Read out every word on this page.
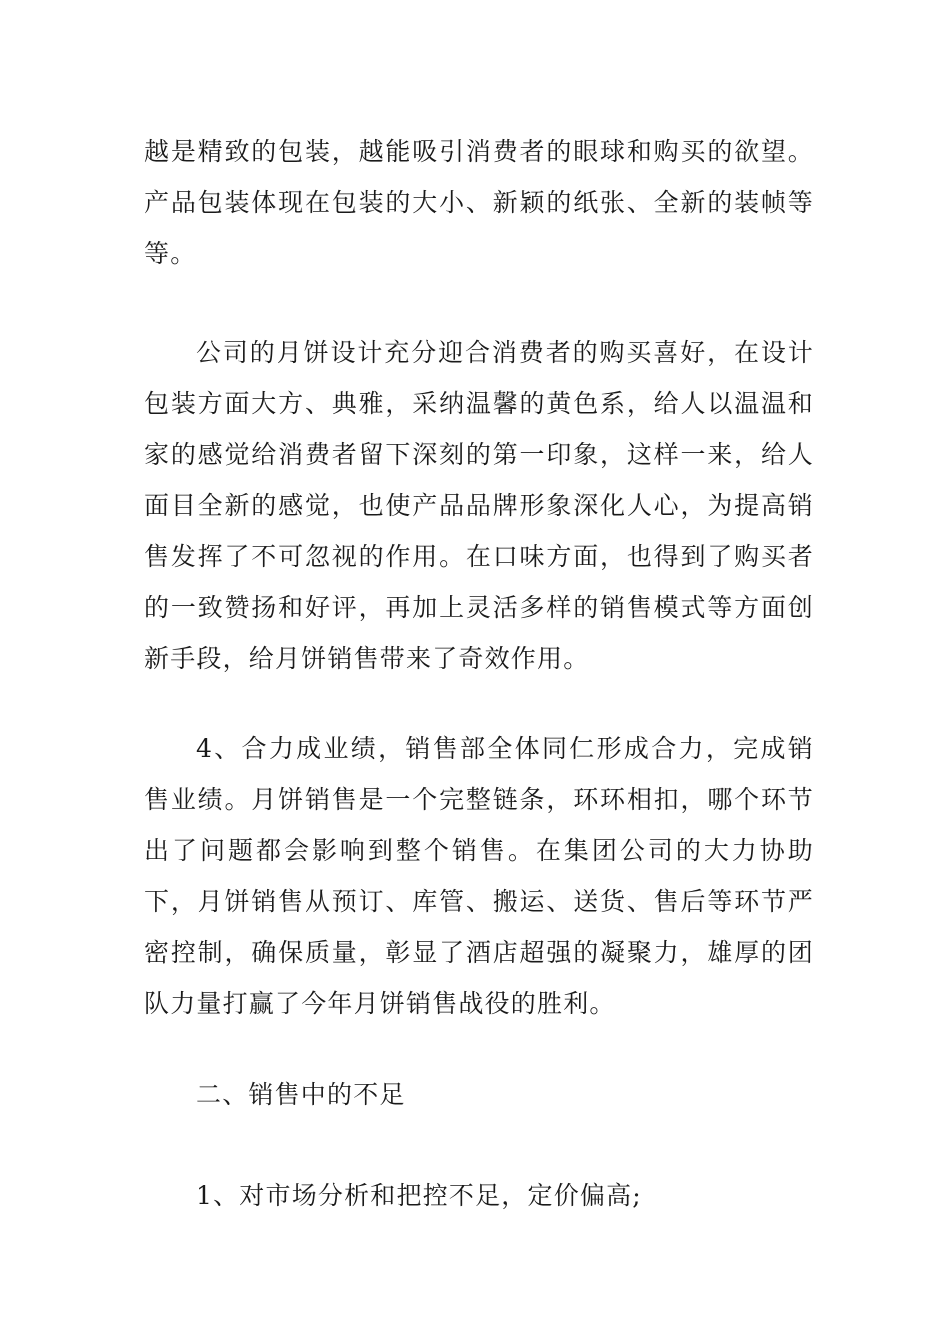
越是精致的包装，越能吸引消费者的眼球和购买的欲望。产品包装体现在包装的大小、新颖的纸张、全新的装帧等等。

公司的月饼设计充分迎合消费者的购买喜好，在设计包装方面大方、典雅，采纳温馨的黄色系，给人以温温和家的感觉给消费者留下深刻的第一印象，这样一来，给人面目全新的感觉，也使产品品牌形象深化人心，为提高销售发挥了不可忽视的作用。在口味方面，也得到了购买者的一致赞扬和好评，再加上灵活多样的销售模式等方面创新手段，给月饼销售带来了奇效作用。

4、合力成业绩，销售部全体同仁形成合力，完成销售业绩。月饼销售是一个完整链条，环环相扣，哪个环节出了问题都会影响到整个销售。在集团公司的大力协助下，月饼销售从预订、库管、搬运、送货、售后等环节严密控制，确保质量，彰显了酒店超强的凝聚力，雄厚的团队力量打赢了今年月饼销售战役的胜利。

二、销售中的不足

1、对市场分析和把控不足，定价偏高;
